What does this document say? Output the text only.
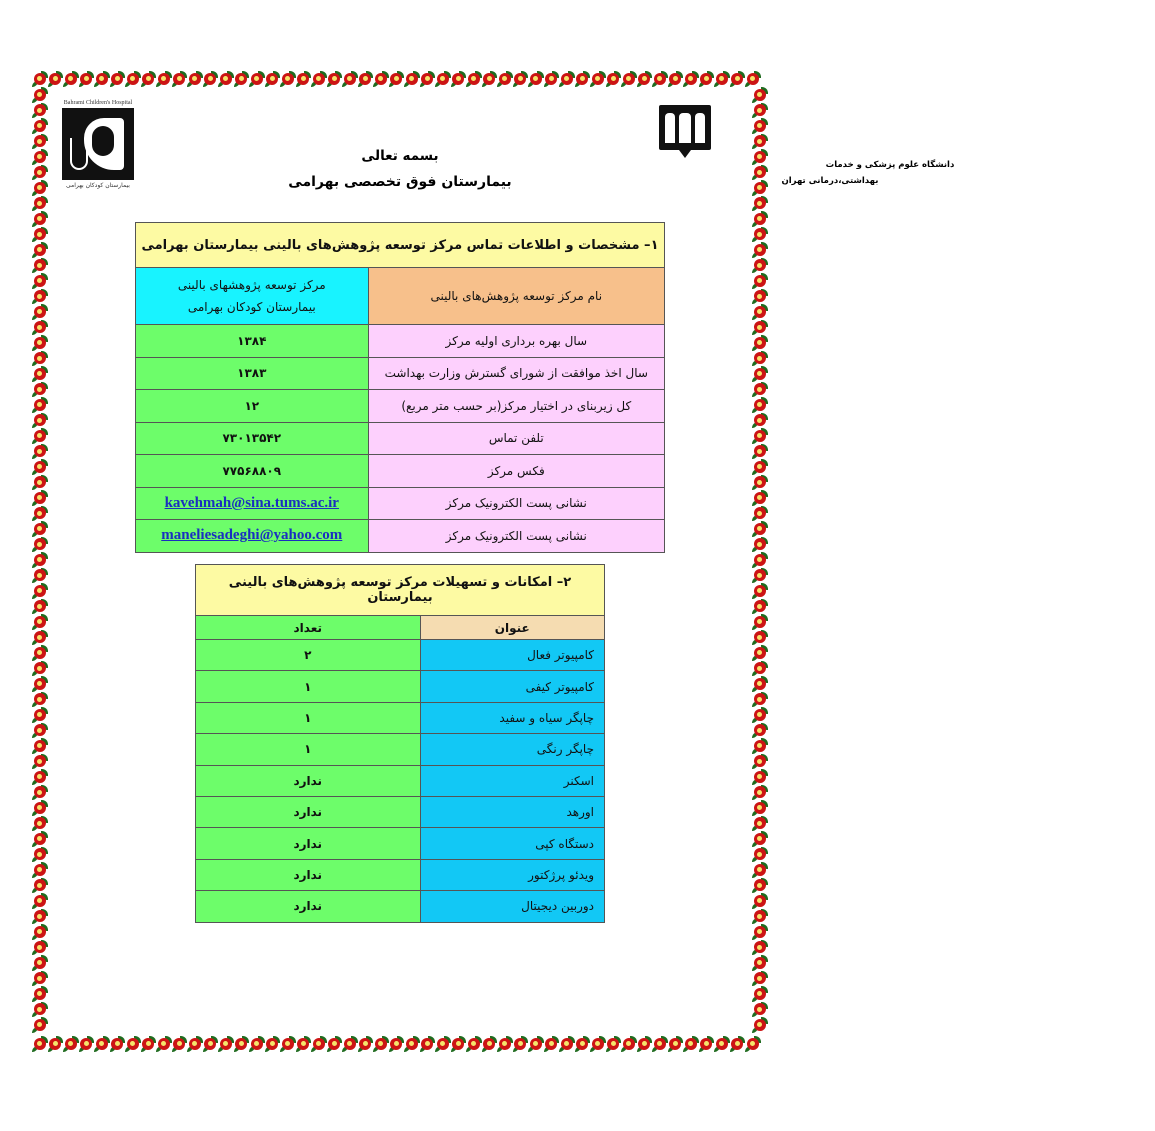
Bahrami Children's Hospital
بیمارستان کودکان بهرامی
دانشگاه علوم پزشکی و خدمات
بهداشتی،درمانی تهران
بسمه تعالی
بیمارستان فوق تخصصی بهرامی
۱– مشخصات و اطلاعات تماس مرکز توسعه پژوهش‌های بالینی بیمارستان بهرامی
نام مرکز توسعه پژوهش‌های بالینی	مرکز توسعه پژوهشهای بالینی بیمارستان کودکان بهرامی
سال بهره برداری اولیه مرکز	۱۳۸۴
سال اخذ موافقت از شورای گسترش وزارت بهداشت	۱۳۸۳
کل زیربنای در اختیار مرکز(بر حسب متر مربع)	۱۲
تلفن تماس	۷۳۰۱۳۵۴۲
فکس مرکز	۷۷۵۶۸۸۰۹
نشانی پست الکترونیک مرکز	kavehmah@sina.tums.ac.ir
نشانی پست الکترونیک مرکز	maneliesadeghi@yahoo.com
۲– امکانات و تسهیلات مرکز توسعه پژوهش‌های بالینی بیمارستان
عنوان	تعداد
کامپیوتر فعال	۲
کامپیوتر کیفی	۱
چاپگر سیاه و سفید	۱
چاپگر رنگی	۱
اسکنر	ندارد
اورهد	ندارد
دستگاه کپی	ندارد
ویدئو پرژکتور	ندارد
دوربین دیجیتال	ندارد
